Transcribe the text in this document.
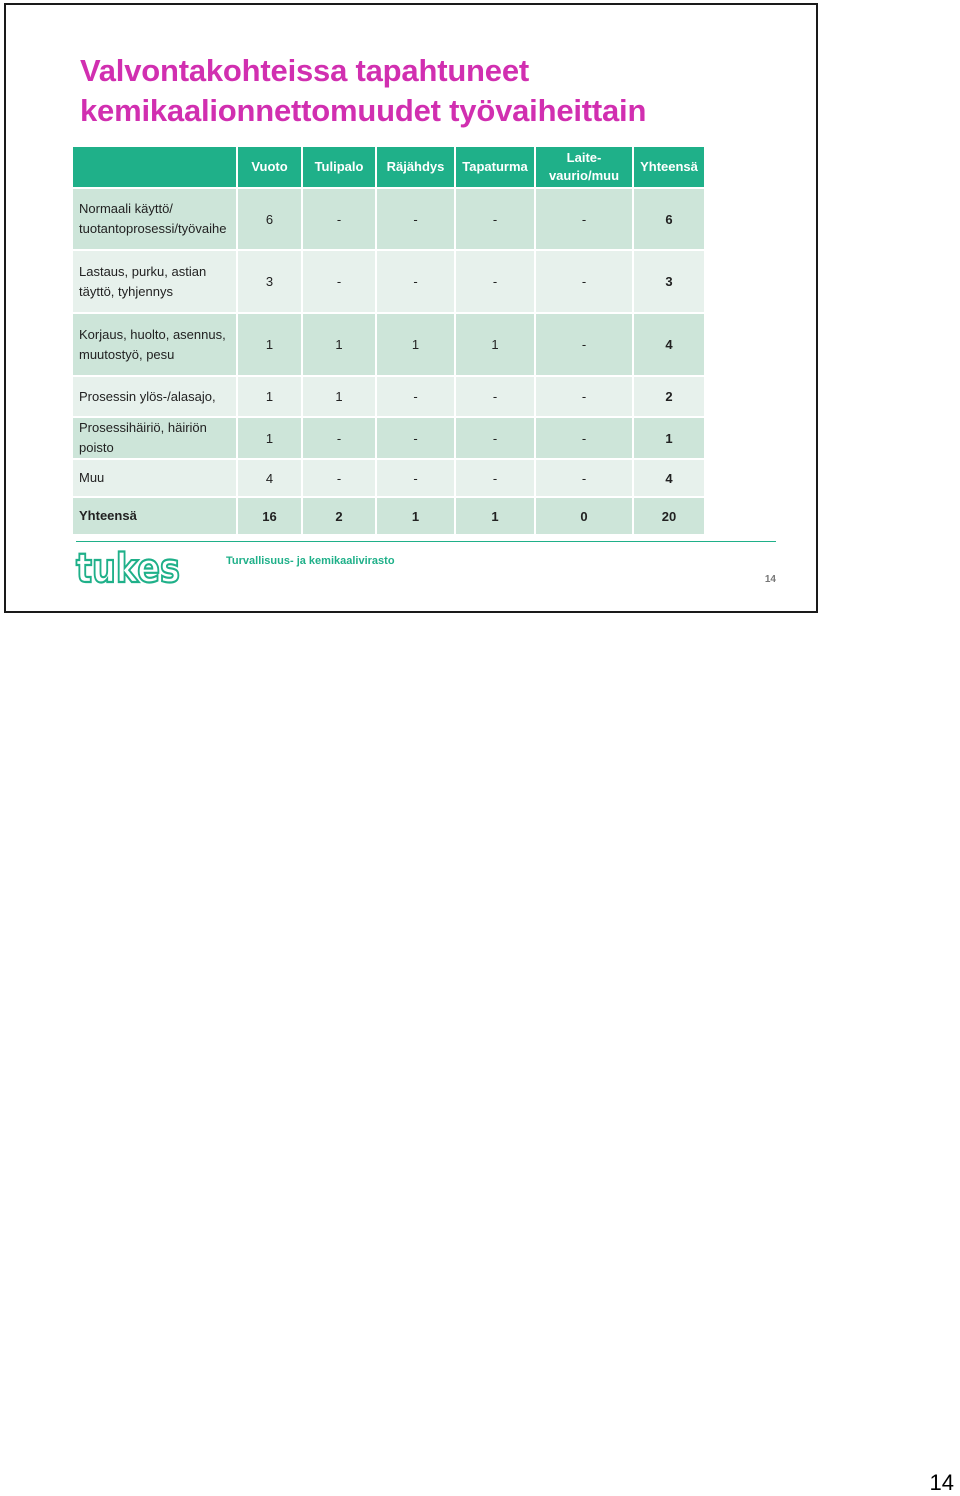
Valvontakohteissa tapahtuneet
kemikaalionnettomuudet työvaiheittain
	Vuoto	Tulipalo	Räjähdys	Tapaturma	Laite-
vaurio/muu	Yhteensä
Normaali käyttö/
tuotantoprosessi/työvaihe	6	-	-	-	-	6
Lastaus, purku, astian
täyttö, tyhjennys	3	-	-	-	-	3
Korjaus, huolto, asennus,
muutostyö, pesu	1	1	1	1	-	4
Prosessin ylös-/alasajo,	1	1	-	-	-	2
Prosessihäiriö, häiriön
poisto	1	-	-	-	-	1
Muu	4	-	-	-	-	4
Yhteensä	16	2	1	1	0	20
tukes	Turvallisuus- ja kemikaalivirasto
14
14
